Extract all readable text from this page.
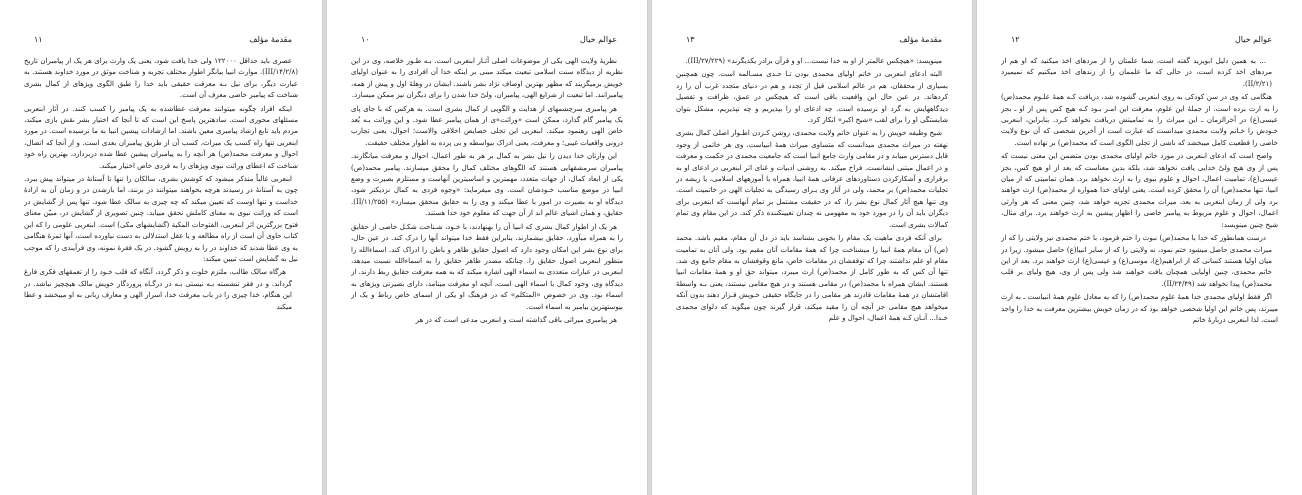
مقدمهٔ مؤلف
۱۱

عصری باید حداقل ۱۲۲۰۰۰ ولی خدا یافت شود، یعنی یک وارث برای هر یک از پیامبران تاریخ (۱۴/۲/۸/III). موارث انبیا بیانگر اطوار مختلف تجربه و شناخت موثق در مورد خداوند هستند. به عبارت دیگر، برای نیل بـه معرفت حقیقی باید خدا را طبق الگوی ویژهای از کمال بشری شناخت که پیامبر خاصی معرف آن است.

اینکه افراد چگونه میتوانند معرفت عطاشده به یک پیامبر را کسب کنند. در آثار ابنعربی مسئلهای محوری است. سادهترین پاسخ این است که تا آنجا که اختیار بشر نقش بازی میکند، مردم باید تابع ارشاد پیامبری معین باشند. اما ارشادات پیشین انبیا به ما نرسیده است. در مورد ابنعربی تنها راه کسب یک میراث، کسب آن از طریق پیامبران بعدی است. و از آنجا که اتصال، احوال و معرفت محمد(ص) هر آنچه را به پیامبران پیشین عطا شده دربردارد، بهترین راه خود شناخت که اعطای وراثت نبوی ویژهای را به فردی خاص اختیار میکند.

ابنعربی غالباً متذکر میشود که کوشش بشری، سالکان را تنها تا آستانهٔ در میتواند پیش ببرد. چون به آستانهٔ در رسیدند هرچه بخواهند میتوانند در بزنند، اما بازشدن در و زمان آن به ارادهٔ خداست و تنها اوست که تعیین میکند که چه چیزی به سالک عطا شود. تنها پس از گشایش در است که وراثت نبوی به معنای کاملش تحقق مییابد. چنین تصویری از گشایش در، مبیّن معنای فتوح بزرگترین اثر ابنعربی، الفتوحات المکیة (گشایشهای مکی) است. ابنعربی علومی را که این کتاب حاوی آن است از راه مطالعه و یا عقل استدلالی به دست نیاورده است، آنها ثمرهٔ هنگامی به وی عطا شدند که خداوند در را به رویش گشود. در یک فقرهٔ نمونه، وی فرآیندی را که موجب نیل به گشایش است تبیین میکند:

هرگاه سالک طالب، ملتزم خلوت و ذکر گردد، آنگاه که قلب خـود را از تعمقهای فکری فارغ گرداند. و در فقر تنشسته بـه نیستی بـه در درگـاه پروردگار خویش مالک هیچچیز نباشد. در این هنگام، خدا چیزی را در باب معرفت خدا، اسرار الهی و معارف ربانی به او میبخشد و عطا میکند

عوالم خیال
۱۰

نظریهٔ ولایت الهی یکی از موضوعات اصلی آثـار ابنعربی است. بـه طـور خلاصه، وی در این نظریه از دیدگاه سنت اسلامی تبعیت میکند مبنی بر اینکه خدا آن افرادی را به عنوان اولیای خویش برمیگزیند که مظهر بهترین اوصاف نژاد بشر باشند. ایشان در وهلهٔ اول و پیش از همه، پیامبرانند. اما تبعیت از شرایع الهی، پیامبران، ولیّ خدا شدن را برای دیگران نیز ممکن میسازد.

هر پیامبری سرچشمهای از هدایت و الگویی از کمال بشری است. به هرکس که با جای پای یک پیامبر گام گذارد، ممکن است «وراثت»ی از همان پیامبر عطا شود. و این وراثت بـه بُعد خاص الهی رهنمود میکند. ابنعربی این تجلی خصایص اخلاقی والاست؛ احوال، یعنی تجارب درونی واقعیات غیبی؛ و معرفت، یعنی ادراک بیواسطه و بی پرده به اطوار مختلف حقیقت.

این وارثان خدا دیدن را نیل بشر به کمال بر هر به طور اعمال، احوال و معرفت میانگارند. پیامبران سرمشقهایی هستند که الگوهای مختلف کمال را محقق میسازند. پیامبر محمد(ص) یکی از ابعاد کمال، از جهات متعدد، مهمترین و اساسیترین آنهاست و مستلزم بصیرت و وضع انبیا در موضع مناسب خـودشان است. وی میفرماید: «وجوه فردی به کمال نزدیکتر شود، دیدگاه او به بصیرت در امور با عطا میکند و وی را به حقایق منحقق میسازد» (۱۱/۲۵۵/II). حقایق، و همان اشیای عالم اند از آن جهت که معلوم خود خدا هستند.

هر یک از اطوار کمال بشری که انبیا آن را بهنهادند، با خـود، شـناخت شکـل خاصی از حقایق را به همراه میآورد. حقایق بیشمارند، بنابراین فقط خدا میتواند آنها را درک کند. در عین حال، برای نوع بشر این امکان وجود دارد که اصول حقایق ظاهر و باطن را ادراک کند. اسماءالله را منظور ابنعربی اصول حقایق را. چنانکه مصدر ظاهر حقایق را به اسماءالله نسبت میدهد، ابنعربی در عبارات متعددی به اسماء الهی اشاره میکند که به همه معرفت حقایق ربط دارند. از دیدگاه وی، وجود کمال با اسماء الهی است، آنچه او معرفت مینامد، دارای بصیرتی ویژهای به اسماء بود. وی در خصوص «المتکلم» که در فرهنگ او یکی از اسمای خاص رباط و یک از بیوستهترین بیامبر به اسماء است.

هر پیامبری میراثی باقی گذاشته است و ابنعربی مدعی است که در هر

مقدمهٔ مؤلف
۱۳

مینویسد: «هیچکس عالمتر از او به خدا نیست... او و قرآن برادر یکدیگرند» (۲۷/۲۲۹/III).

البته ادعای ابنعربی در خاتم اولیای محمدی بودن تـا حـدی مسـالمه است. چون همچنین بسیاری از محققان، هم در عالم اسلامی قبل از تجدد و هم در دنیای متجدد غرب آن را رد کردهاند. در عین حال این واقعیت باقی است که هیچکس در عمق، ظرافت و تفصیل دیدگاههایش به گرد او نرسیده است. چه ادعای او را بپذیریم و چه نپذیریم، مشکل بتوان شایستگی او را برای لقب «شیخ اکبر» انکار کرد.

شیخ وظیفه خویش را به عنوان خاتم ولایت محمدی، روشن کـردن اطـوار اصلی کمال بشری نهفته در میراث محمدی میدانست که متساوی میراث همهٔ انبیاست. وی هر خاتمی از وجود قابل دسترس مییابد و در مقامی وارث جامع انبیا است که جامعیت محمدی در حکمت و معرفت و در اعمال مبتنی ایشانست. فراخ میکند. به روشنی ادبیات و غنای اثر ابنعربی در ادعای او به برقراری و آشکارکردن دستاوردهای عرفانی همهٔ انبیا، همراه با آموزههای اسلامی، یا ریشه در تجلیات محمد(ص) بر محمد، ولی در آثار وی بـرای رسیدگی به تجلیات الهی در خاتمیت است. وی تنها هیچ آثار کمال نوع بشر را، که در حقیقت مشتمل بر تمام آنهاست که ابنعربی برای دیگران باید آن را در مورد خود به مفهومی نه چندان تعیینکننده ذکر کند. در این مقام وی تمام کمالات بشری است.

برای آنکه فردی ماهیت یک مقام را بخوبی بشناسد باید در دل آن مقام، مقیم باشد. محمد (ص) آن مقام همهٔ انبیا را میشناخت چرا که همهٔ مقامات آنان مقیم بود. ولی آنان به تمامیت مقام او علم نداشتند چرا که توقفشان در مقامات خاص، مانع وقوفشان به مقام جامع وی شد. تنها آن کس که به طور کامل از محمد(ص) ارث میبرد، میتواند حق او و همهٔ مقامات انبیا هستند. ایشان همراه با محمد(ص) در مقامی هستند و در هیچ مقامی نیستند، یعنی بـه واسطهٔ اقامتشان در همهٔ مقامات قادرند هر مقامی را در جایگاه حقیقی خـویش قـرار دهند بدون آنکه میخواهد هیچ مقامی جز آنچه آن را مقید میکند، قرار گیرند چون میگوید که دلوای محمدی خـدا... آنـان کـه همهٔ اعمال، احوال و علم

عوالم خیال
۱۲

... به همین دلیل ابویزید گفته است، شما علمتان را از مردهای اخذ میکنید که او هم از مردهای اخذ کرده است، در حالی که ما علممان را از زندهای اخذ میکنیم که نمیمیرد (۲/۲۱/II).

هنگامی که وی در سن کودکی به روی ابنعربی گشوده شد، دریافت کـه همهٔ علـوم محمد(ص) را به ارث برده است. از جملهٔ این علوم، معرفت این امـر بـود کـه هیچ کس پس از او ـ بجز عیسی(ع) در آخرالزمان ـ این میراث را به تمامیتش دریافت نخواهد کـرد. بنابراین، ابنعربی خـودش را خـاتم ولایت محمدی میدانست که عبارت است از آخرین شخصی که آن نوع ولایت خاصی را قطعیت کامل میبخشد که ناشی از تجلی الگوی است که محمد(ص) بر نهاده است.

واضح است که ادعای ابنعربی در مورد خاتم اولیای محمدی بودن متضمن این معنی نیست که پس از وی هیچ ولیّ خدایی یافت نخواهد شد، بلکه بدین معناست که بعد از او هیچ کس، بجز عیسی(ع)، تمامیت اعمال، احوال و علوم نبوی را به ارث نخواهد برد. همان تمامیتی که از میان انبیا، تنها محمد(ص) آن را محقق کرده است. یعنی اولیای خدا همواره از محمد(ص) ارث خواهند برد ولی از زمان ابنعربی به بعد، میراث محمدی تجزیه خواهد شد، چنین معنی که هر وارثی اعمال، احوال و علوم مربوط به پیامبر خاصی را اظهار پیشین به ارث خواهند برد. برای مثال، شیخ چنین مینویسد:

درست همانطور که خدا با محمد(ص) نبوت را ختم فرمود، با ختم محمدی نیز ولایتی را که از میراث محمدی حاصل میشود ختم نمود، نه ولایتی را که از سایر انبیا(ع) حاصل میشود. زیرا در میان اولیا هستند کسانی که از ابراهیم(ع)، موسی(ع) و عیسی(ع) ارث خواهند برد. بعد از این خاتم محمدی، چنین اولیایی همچنان یافت خواهند شد ولی پس از وی، هیچ ولیای بر قلب محمد(ص) پیدا نخواهد شد (۲۴/۴۹/II).

اگر فقط اولیای محمدی خدا همهٔ علوم محمد(ص) را که به معادل علوم همهٔ انبیاست ـ به ارث میبرند، پس خاتم این اولیا شخصی خواهد بود که در زمان خویش بیشترین معرفت به خدا را واجد است. لذا ابنعربی دربارهٔ خاتم
